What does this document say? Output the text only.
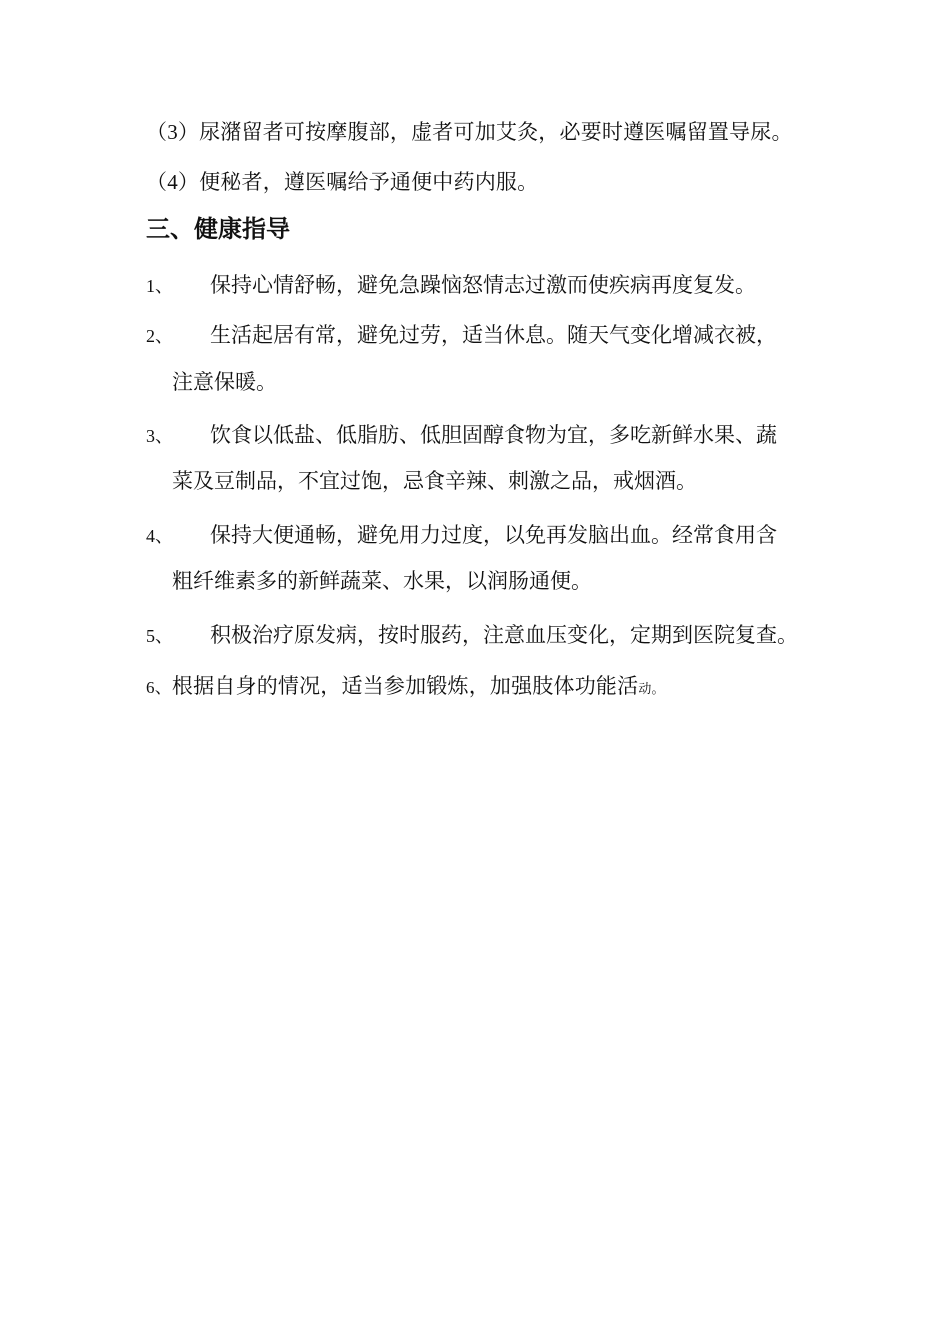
（3）尿潴留者可按摩腹部，虚者可加艾灸，必要时遵医嘱留置导尿。
（4）便秘者，遵医嘱给予通便中药内服。
三、健康指导
1、 保持心情舒畅，避免急躁恼怒情志过激而使疾病再度复发。
2、 生活起居有常，避免过劳，适当休息。随天气变化增减衣被，
注意保暖。
3、 饮食以低盐、低脂肪、低胆固醇食物为宜，多吃新鲜水果、蔬
菜及豆制品，不宜过饱，忌食辛辣、刺激之品，戒烟酒。
4、 保持大便通畅，避免用力过度，以免再发脑出血。经常食用含
粗纤维素多的新鲜蔬菜、水果，以润肠通便。
5、 积极治疗原发病，按时服药，注意血压变化，定期到医院复查。
6、根据自身的情况，适当参加锻炼，加强肢体功能活动。
